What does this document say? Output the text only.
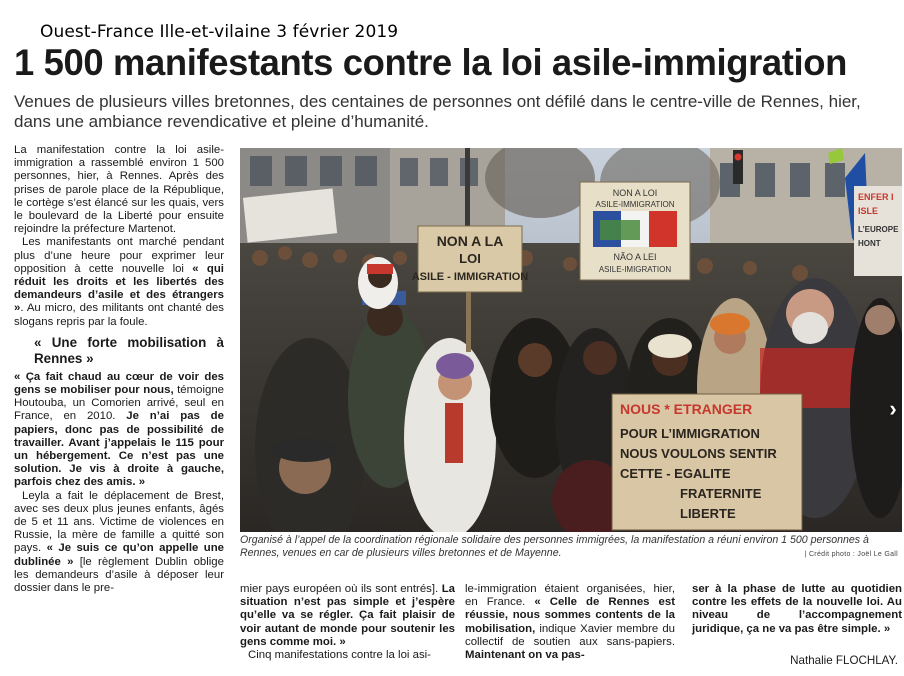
Ouest-France Ille-et-vilaine 3 février 2019
1 500 manifestants contre la loi asile-immigration
Venues de plusieurs villes bretonnes, des centaines de personnes ont défilé dans le centre-ville de Rennes, hier, dans une ambiance revendicative et pleine d’humanité.

La manifestation contre la loi asile-immigration a rassemblé environ 1 500 personnes, hier, à Rennes. Après des prises de parole place de la République, le cortège s’est élancé sur les quais, vers le boulevard de la Liberté pour ensuite rejoindre la préfecture Martenot.

Les manifestants ont marché pendant plus d’une heure pour exprimer leur opposition à cette nouvelle loi « qui réduit les droits et les libertés des demandeurs d’asile et des étrangers ». Au micro, des militants ont chanté des slogans repris par la foule.

« Une forte mobilisation à Rennes »

« Ça fait chaud au cœur de voir des gens se mobiliser pour nous, témoigne Houtouba, un Comorien arrivé, seul en France, en 2010. Je n’ai pas de papiers, donc pas de possibilité de travailler. Avant j’appelais le 115 pour un hébergement. Ce n’est pas une solution. Je vis à droite à gauche, parfois chez des amis. »

Leyla a fait le déplacement de Brest, avec ses deux plus jeunes enfants, âgés de 5 et 11 ans. Victime de violences en Russie, la mère de famille a quitté son pays. « Je suis ce qu’on appelle une dublinée » [le règlement Dublin oblige les demandeurs d’asile à déposer leur dossier dans le pre-

NON A LA
LOI
ASILE - IMMIGRATION
NON A LOI
ASILE-IMMIGRATION
NÃO A LEI
ASILE-IMIGRATION
NOUS * ETRANGER
POUR L’IMMIGRATION
NOUS VOULONS SENTIR
CETTE - EGALITE
FRATERNITE
LIBERTE
ENFER I
ISLE
L’EUROPE
HONT
›
Organisé à l’appel de la coordination régionale solidaire des personnes immigrées, la manifestation a réuni environ 1 500 personnes à Rennes, venues en car de plusieurs villes bretonnes et de Mayenne.	| Crédit photo : Joël Le Gall

mier pays européen où ils sont entrés]. La situation n’est pas simple et j’espère qu’elle va se régler. Ça fait plaisir de voir autant de monde pour soutenir les gens comme moi. »

Cinq manifestations contre la loi asi-

le-immigration étaient organisées, hier, en France. « Celle de Rennes est réussie, nous sommes contents de la mobilisation, indique Xavier membre du collectif de soutien aux sans-papiers. Maintenant on va pas-

ser à la phase de lutte au quotidien contre les effets de la nouvelle loi. Au niveau de l’accompagnement juridique, ça ne va pas être simple. »

Nathalie FLOCHLAY.
